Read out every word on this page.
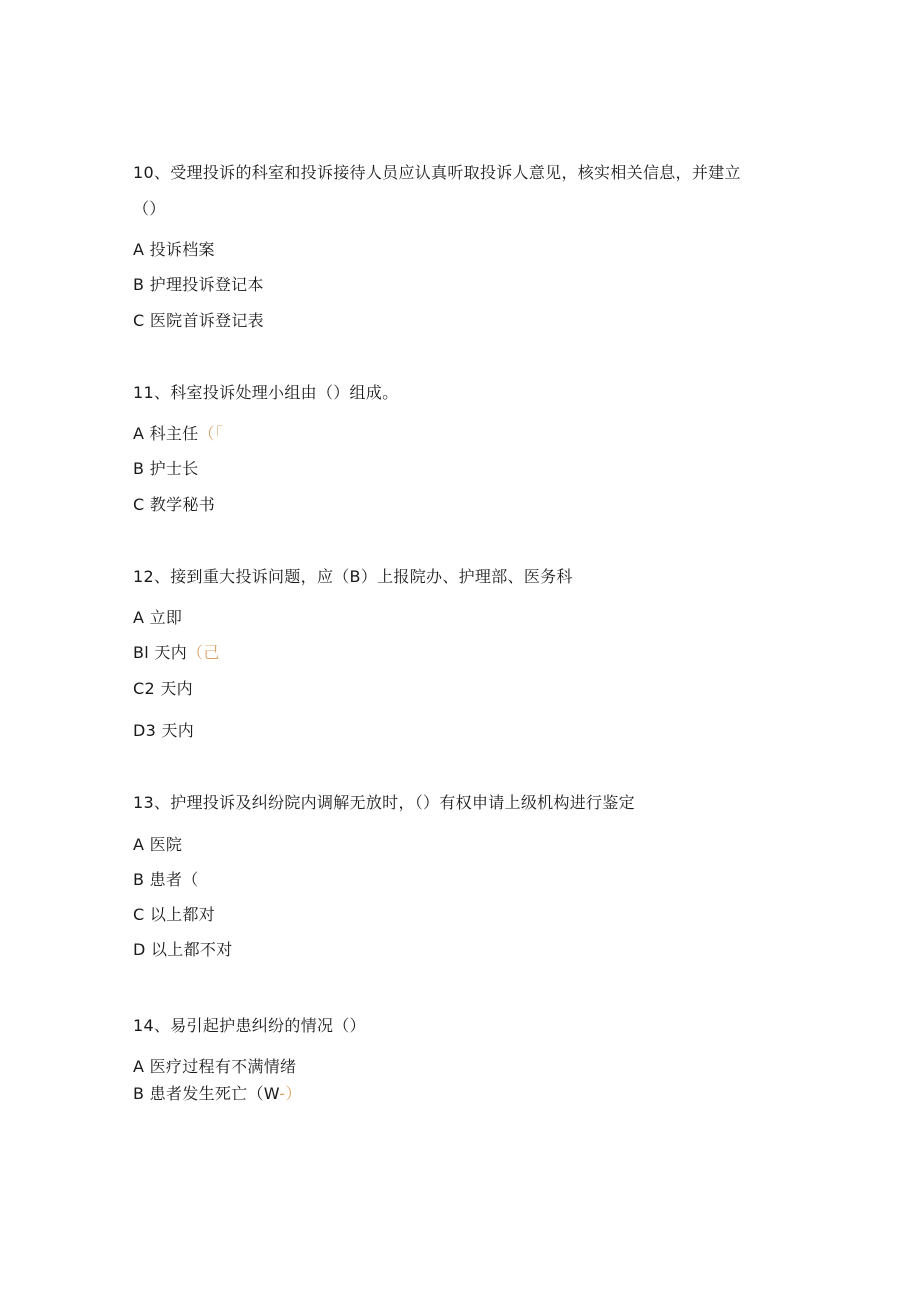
10、受理投诉的科室和投诉接待人员应认真听取投诉人意见，核实相关信息，并建立
（）
A 投诉档案
B 护理投诉登记本
C 医院首诉登记表
11、科室投诉处理小组由（）组成。
A 科主任（「
B 护士长
C 教学秘书
12、接到重大投诉问题，应（B）上报院办、护理部、医务科
A 立即
Bl 天内（己
C2 天内
D3 天内
13、护理投诉及纠纷院内调解无放时，（）有权申请上级机构进行鉴定
A 医院
B 患者（
C 以上都对
D 以上都不对
14、易引起护患纠纷的情况（）
A 医疗过程有不满情绪
B 患者发生死亡（W-）
